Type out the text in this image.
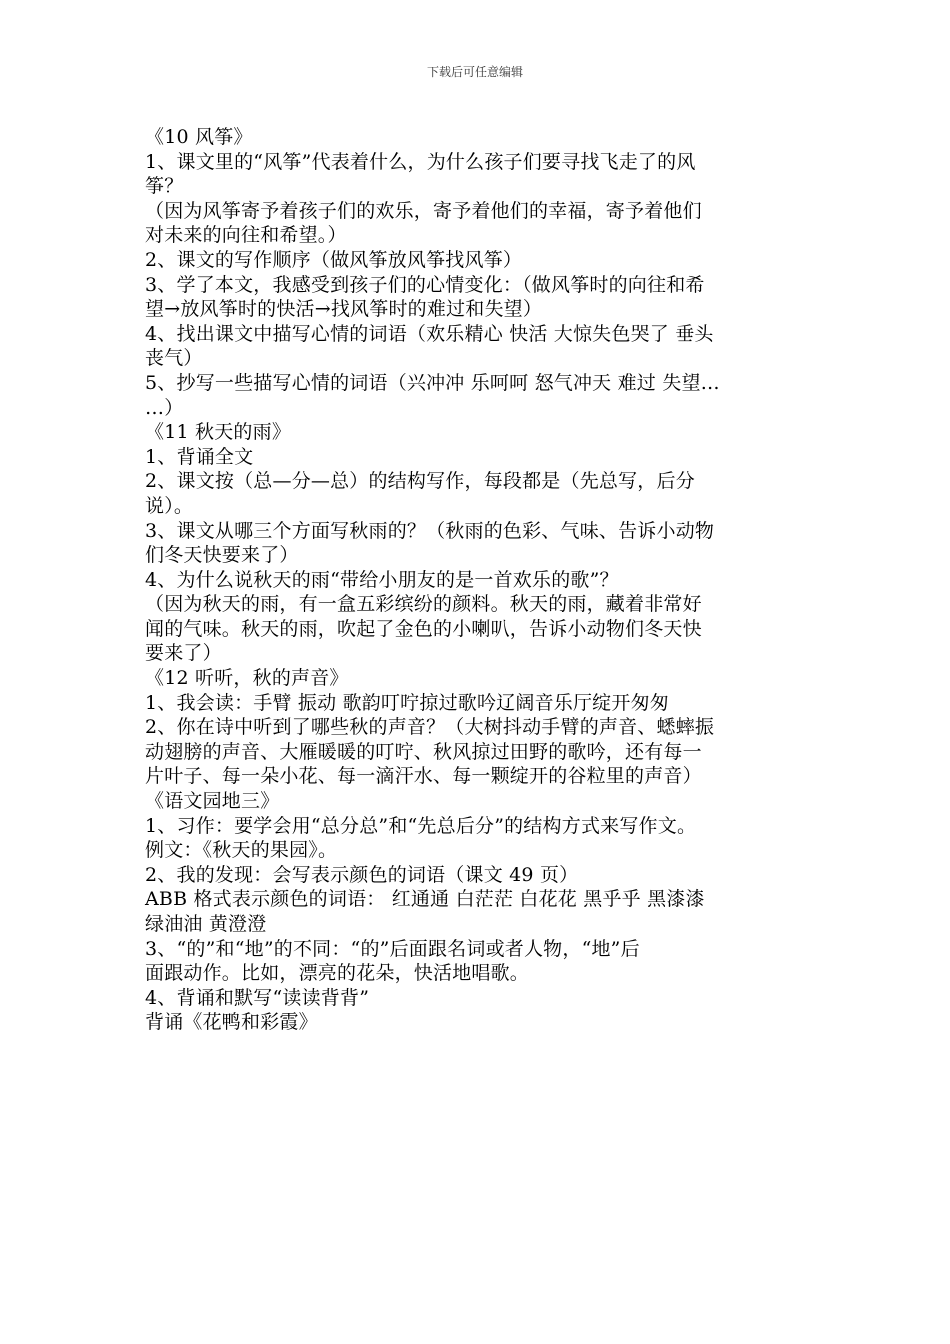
下载后可任意编辑
《10 风筝》
1、课文里的“风筝”代表着什么，为什么孩子们要寻找飞走了的风
筝？
（因为风筝寄予着孩子们的欢乐，寄予着他们的幸福，寄予着他们
对未来的向往和希望。）
2、课文的写作顺序（做风筝放风筝找风筝）
3、学了本文，我感受到孩子们的心情变化：（做风筝时的向往和希
望→放风筝时的快活→找风筝时的难过和失望）
4、找出课文中描写心情的词语（欢乐精心 快活 大惊失色哭了 垂头
丧气）
5、抄写一些描写心情的词语（兴冲冲 乐呵呵 怒气冲天 难过 失望…
…）
《11 秋天的雨》
1、背诵全文
2、课文按（总—分—总）的结构写作，每段都是（先总写，后分
说）。
3、课文从哪三个方面写秋雨的？（秋雨的色彩、气味、告诉小动物
们冬天快要来了）
4、为什么说秋天的雨“带给小朋友的是一首欢乐的歌”？
（因为秋天的雨，有一盒五彩缤纷的颜料。秋天的雨，藏着非常好
闻的气味。秋天的雨，吹起了金色的小喇叭，告诉小动物们冬天快
要来了）
《12 听听，秋的声音》
1、我会读：手臂 振动 歌韵叮咛掠过歌吟辽阔音乐厅绽开匆匆
2、你在诗中听到了哪些秋的声音？（大树抖动手臂的声音、蟋蟀振
动翅膀的声音、大雁暖暖的叮咛、秋风掠过田野的歌吟，还有每一
片叶子、每一朵小花、每一滴汗水、每一颗绽开的谷粒里的声音）
《语文园地三》
1、习作：要学会用“总分总”和“先总后分”的结构方式来写作文。
例文：《秋天的果园》。
2、我的发现：会写表示颜色的词语（课文 49 页）
ABB 格式表示颜色的词语： 红通通 白茫茫 白花花 黑乎乎 黑漆漆
绿油油 黄澄澄
3、“的”和“地”的不同：“的”后面跟名词或者人物，“地”后
面跟动作。比如，漂亮的花朵，快活地唱歌。
4、背诵和默写“读读背背”
背诵《花鸭和彩霞》
